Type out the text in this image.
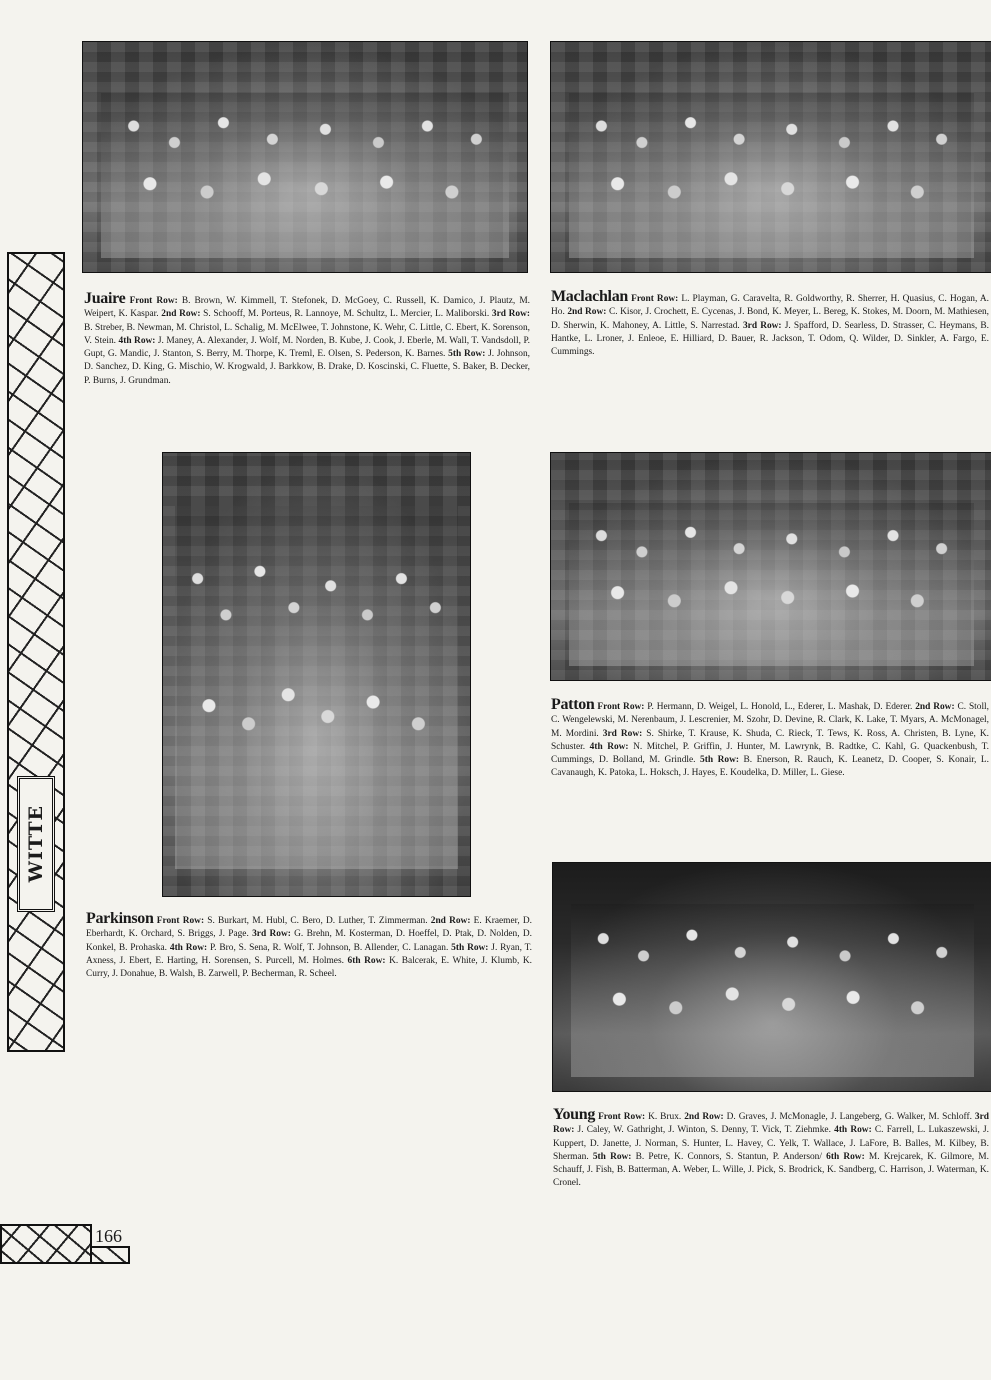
WITTE
Juaire Front Row: B. Brown, W. Kimmell, T. Stefonek, D. McGoey, C. Russell, K. Damico, J. Plautz, M. Weipert, K. Kaspar. 2nd Row: S. Schooff, M. Porteus, R. Lannoye, M. Schultz, L. Mercier, L. Maliborski. 3rd Row: B. Streber, B. Newman, M. Christol, L. Schalig, M. McElwee, T. Johnstone, K. Wehr, C. Little, C. Ebert, K. Sorenson, V. Stein. 4th Row: J. Maney, A. Alexander, J. Wolf, M. Norden, B. Kube, J. Cook, J. Eberle, M. Wall, T. Vandsdoll, P. Gupt, G. Mandic, J. Stanton, S. Berry, M. Thorpe, K. Treml, E. Olsen, S. Pederson, K. Barnes. 5th Row: J. Johnson, D. Sanchez, D. King, G. Mischio, W. Krogwald, J. Barkkow, B. Drake, D. Koscinski, C. Fluette, S. Baker, B. Decker, P. Burns, J. Grundman.
Maclachlan Front Row: L. Playman, G. Caravelta, R. Goldworthy, R. Sherrer, H. Quasius, C. Hogan, A. Ho. 2nd Row: C. Kisor, J. Crochett, E. Cycenas, J. Bond, K. Meyer, L. Bereg, K. Stokes, M. Doorn, M. Mathiesen, D. Sherwin, K. Mahoney, A. Little, S. Narrestad. 3rd Row: J. Spafford, D. Searless, D. Strasser, C. Heymans, B. Hantke, L. Lroner, J. Enleoe, E. Hilliard, D. Bauer, R. Jackson, T. Odom, Q. Wilder, D. Sinkler, A. Fargo, E. Cummings.
Parkinson Front Row: S. Burkart, M. Hubl, C. Bero, D. Luther, T. Zimmerman. 2nd Row: E. Kraemer, D. Eberhardt, K. Orchard, S. Briggs, J. Page. 3rd Row: G. Brehn, M. Kosterman, D. Hoeffel, D. Ptak, D. Nolden, D. Konkel, B. Prohaska. 4th Row: P. Bro, S. Sena, R. Wolf, T. Johnson, B. Allender, C. Lanagan. 5th Row: J. Ryan, T. Axness, J. Ebert, E. Harting, H. Sorensen, S. Purcell, M. Holmes. 6th Row: K. Balcerak, E. White, J. Klumb, K. Curry, J. Donahue, B. Walsh, B. Zarwell, P. Becherman, R. Scheel.
Patton Front Row: P. Hermann, D. Weigel, L. Honold, L., Ederer, L. Mashak, D. Ederer. 2nd Row: C. Stoll, C. Wengelewski, M. Nerenbaum, J. Lescrenier, M. Szohr, D. Devine, R. Clark, K. Lake, T. Myars, A. McMonagel, M. Mordini. 3rd Row: S. Shirke, T. Krause, K. Shuda, C. Rieck, T. Tews, K. Ross, A. Christen, B. Lyne, K. Schuster. 4th Row: N. Mitchel, P. Griffin, J. Hunter, M. Lawrynk, B. Radtke, C. Kahl, G. Quackenbush, T. Cummings, D. Bolland, M. Grindle. 5th Row: B. Enerson, R. Rauch, K. Leanetz, D. Cooper, S. Konair, L. Cavanaugh, K. Patoka, L. Hoksch, J. Hayes, E. Koudelka, D. Miller, L. Giese.
Young Front Row: K. Brux. 2nd Row: D. Graves, J. McMonagle, J. Langeberg, G. Walker, M. Schloff. 3rd Row: J. Caley, W. Gathright, J. Winton, S. Denny, T. Vick, T. Ziehmke. 4th Row: C. Farrell, L. Lukaszewski, J. Kuppert, D. Janette, J. Norman, S. Hunter, L. Havey, C. Yelk, T. Wallace, J. LaFore, B. Balles, M. Kilbey, B. Sherman. 5th Row: B. Petre, K. Connors, S. Stantun, P. Anderson/ 6th Row: M. Krejcarek, K. Gilmore, M. Schauff, J. Fish, B. Batterman, A. Weber, L. Wille, J. Pick, S. Brodrick, K. Sandberg, C. Harrison, J. Waterman, K. Cronel.
166
